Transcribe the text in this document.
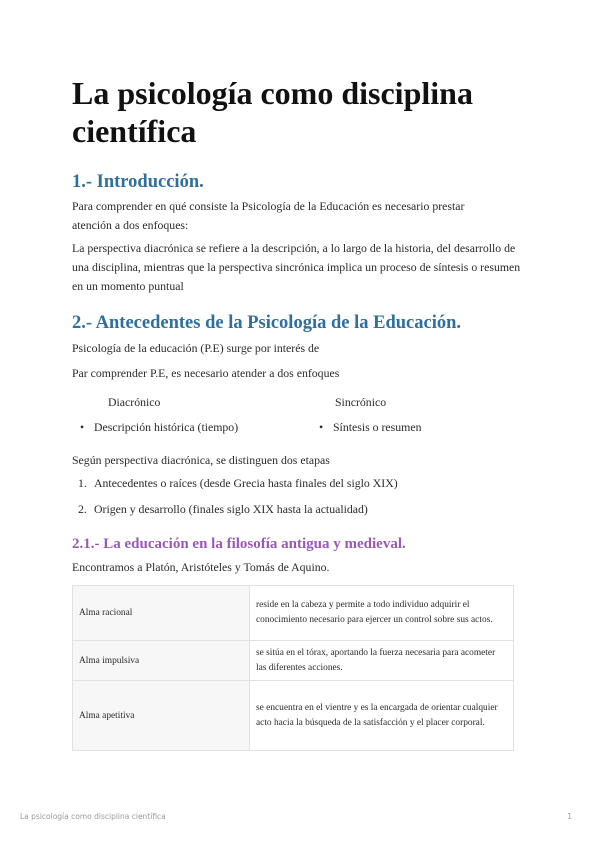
La psicología como disciplina científica
1.- Introducción.

Para comprender en qué consiste la Psicología de la Educación es necesario prestar atención a dos enfoques:

La perspectiva diacrónica se refiere a la descripción, a lo largo de la historia, del desarrollo de una disciplina, mientras que la perspectiva sincrónica implica un proceso de síntesis o resumen en un momento puntual

2.- Antecedentes de la Psicología de la Educación.

Psicología de la educación (P.E) surge por interés de

Par comprender P.E, es necesario atender a dos enfoques

Diacrónico	Sincrónico
• Descripción histórica (tiempo)	• Síntesis o resumen

Según perspectiva diacrónica, se distinguen dos etapas

1. Antecedentes o raíces (desde Grecia hasta finales del siglo XIX)
2. Origen y desarrollo (finales siglo XIX hasta la actualidad)
2.1.- La educación en la filosofía antigua y medieval.

Encontramos a Platón, Aristóteles y Tomás de Aquino.

Alma racional	reside en la cabeza y permite a todo individuo adquirir el conocimiento necesario para ejercer un control sobre sus actos.
Alma impulsiva	se sitúa en el tórax, aportando la fuerza necesaria para acometer las diferentes acciones.
Alma apetitiva	se encuentra en el vientre y es la encargada de orientar cualquier acto hacia la búsqueda de la satisfacción y el placer corporal.
La psicología como disciplina científica	1
